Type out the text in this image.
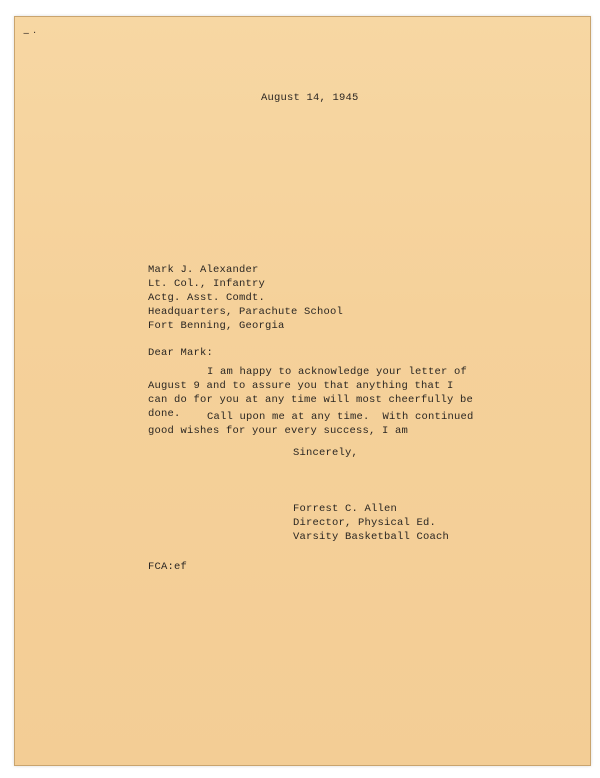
‒ ·
August 14, 1945
Mark J. Alexander
Lt. Col., Infantry
Actg. Asst. Comdt.
Headquarters, Parachute School
Fort Benning, Georgia
Dear Mark:
I am happy to acknowledge your letter of
August 9 and to assure you that anything that I
can do for you at any time will most cheerfully be
done.	Call upon me at any time.  With continued
good wishes for your every success, I am
Sincerely,
Forrest C. Allen
Director, Physical Ed.
Varsity Basketball Coach
FCA:ef
